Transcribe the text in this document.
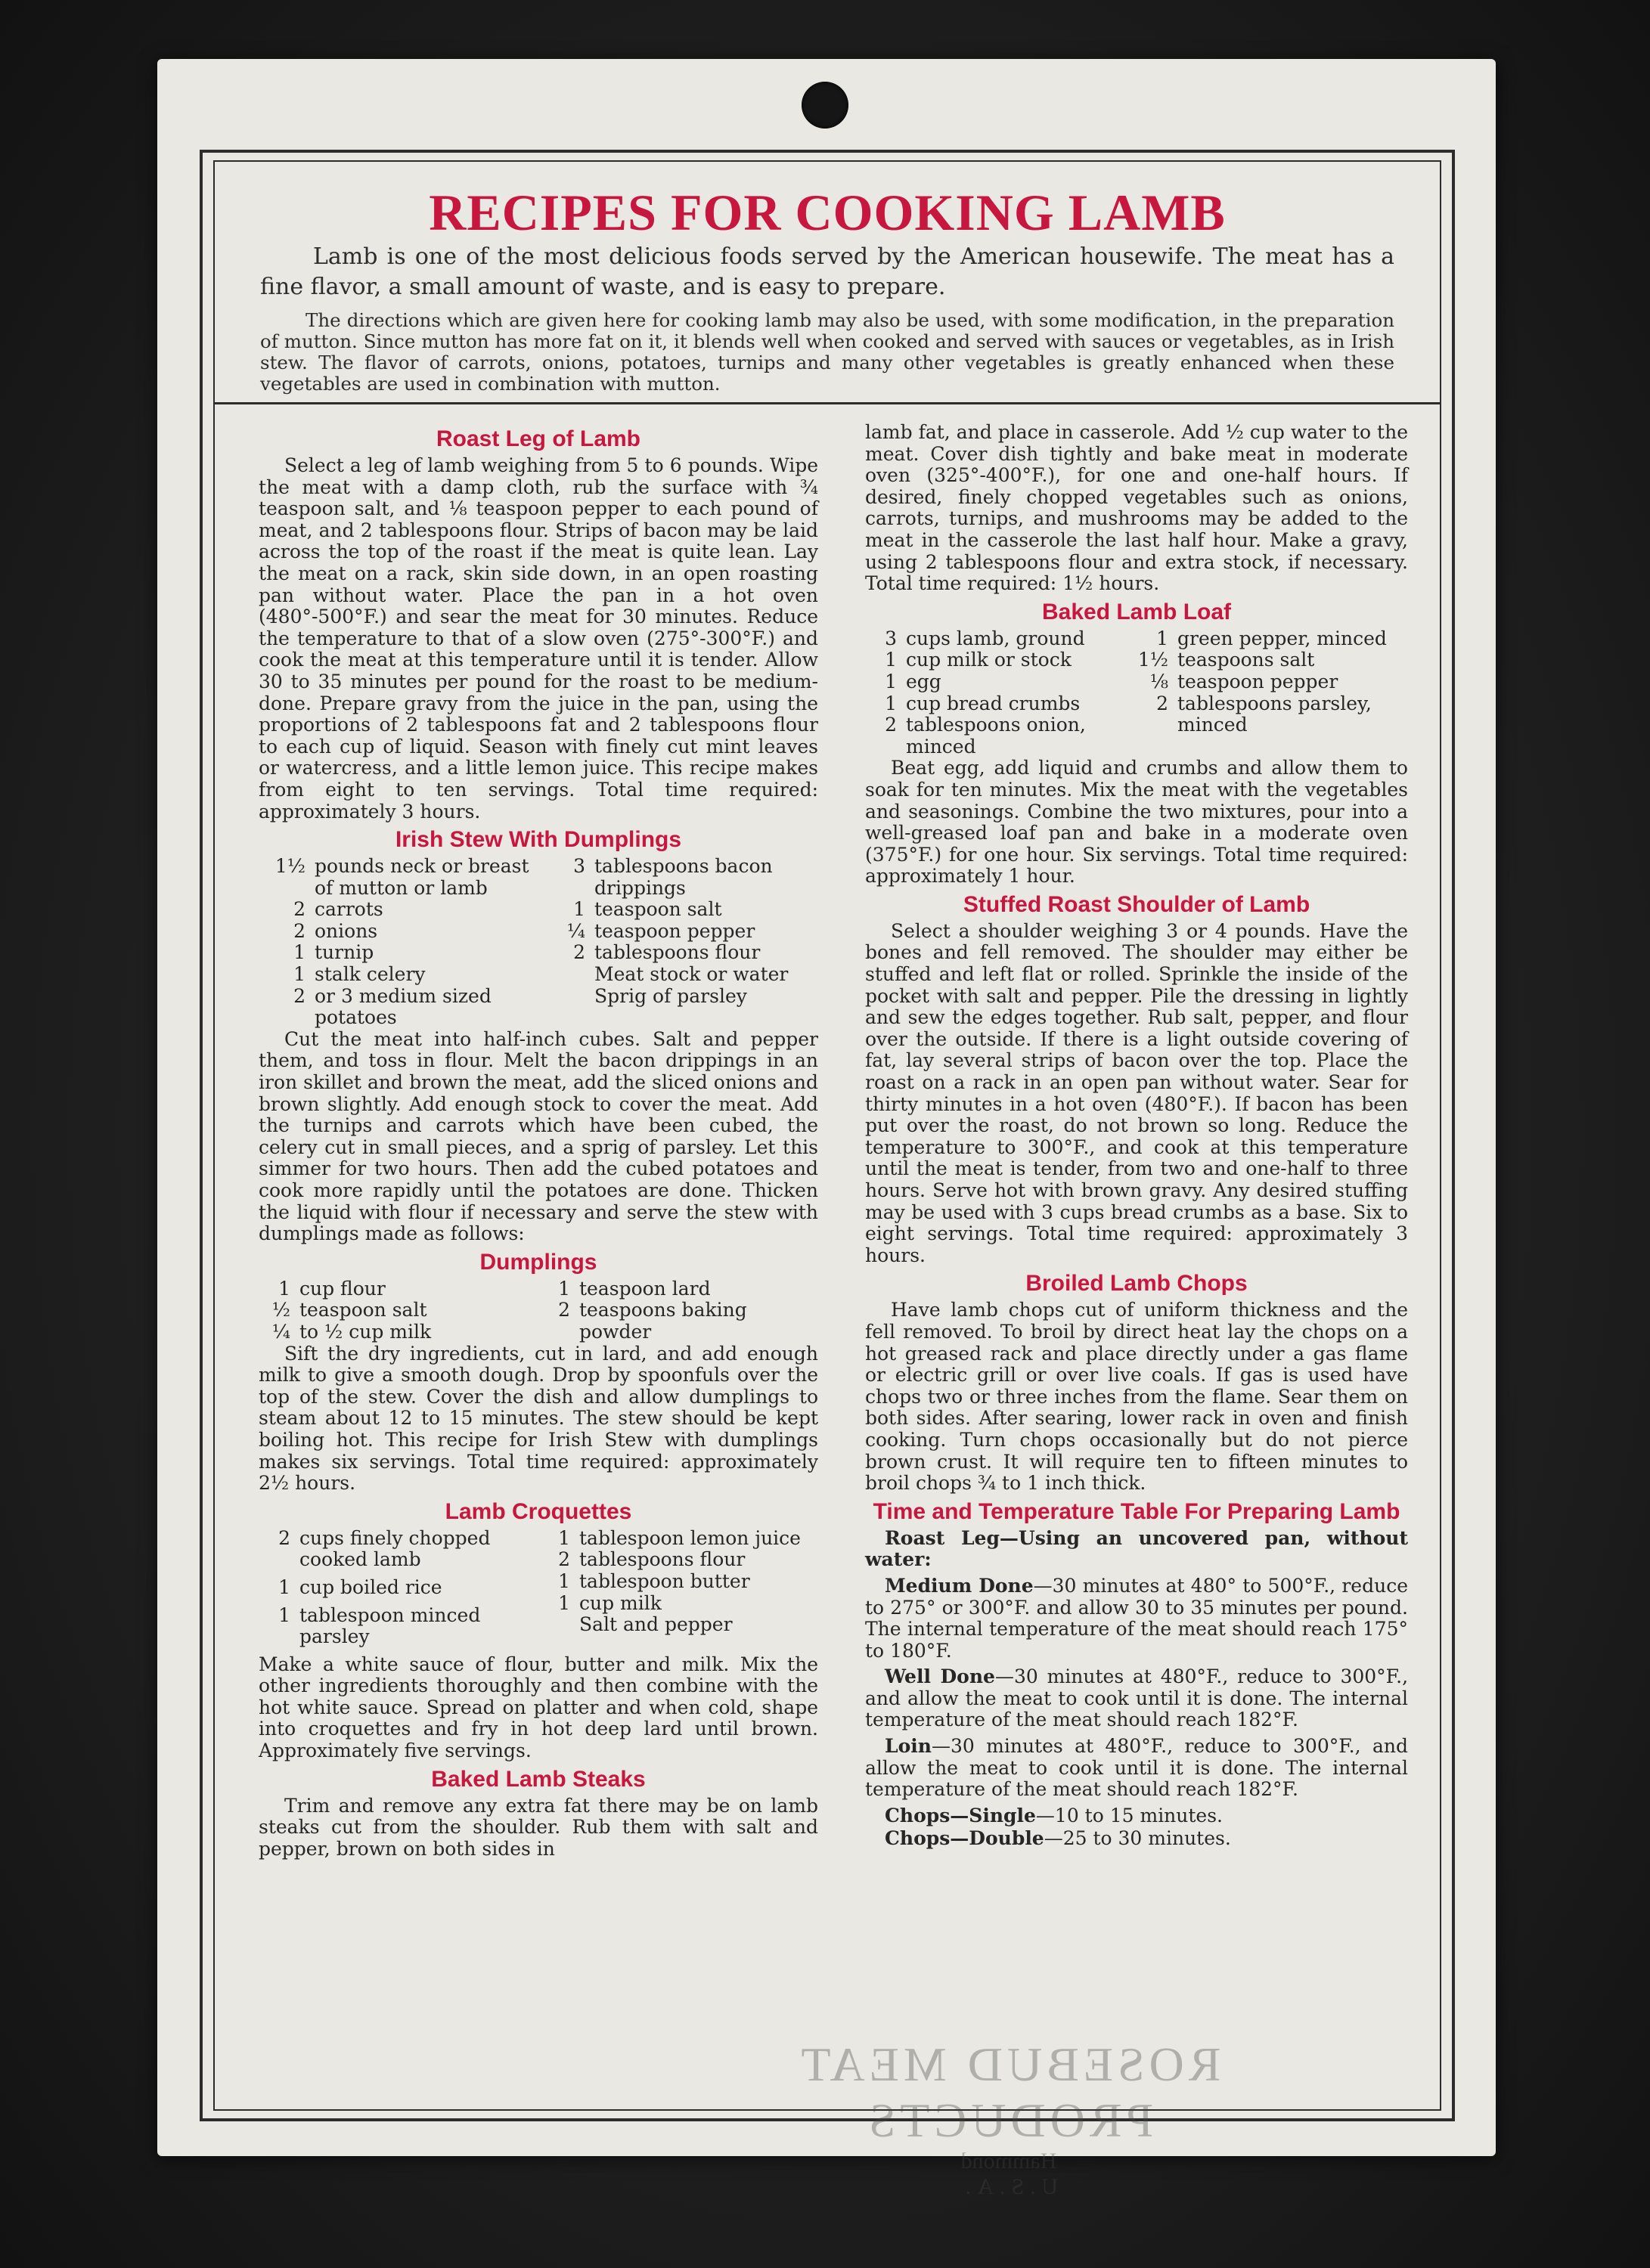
RECIPES FOR COOKING LAMB

Lamb is one of the most delicious foods served by the American housewife. The meat has a fine flavor, a small amount of waste, and is easy to prepare.

The directions which are given here for cooking lamb may also be used, with some modification, in the preparation of mutton. Since mutton has more fat on it, it blends well when cooked and served with sauces or vegetables, as in Irish stew. The flavor of carrots, onions, potatoes, turnips and many other vegetables is greatly enhanced when these vegetables are used in combination with mutton.

Roast Leg of Lamb

Select a leg of lamb weighing from 5 to 6 pounds. Wipe the meat with a damp cloth, rub the surface with ¾ teaspoon salt, and ⅛ teaspoon pepper to each pound of meat, and 2 tablespoons flour. Strips of bacon may be laid across the top of the roast if the meat is quite lean. Lay the meat on a rack, skin side down, in an open roasting pan without water. Place the pan in a hot oven (480°-500°F.) and sear the meat for 30 minutes. Reduce the temperature to that of a slow oven (275°-300°F.) and cook the meat at this temperature until it is tender. Allow 30 to 35 minutes per pound for the roast to be medium-done. Prepare gravy from the juice in the pan, using the proportions of 2 tablespoons fat and 2 tablespoons flour to each cup of liquid. Season with finely cut mint leaves or watercress, and a little lemon juice. This recipe makes from eight to ten servings. Total time required: approximately 3 hours.

Irish Stew With Dumplings
1½ pounds neck or breast of mutton or lamb
2 carrots
2 onions
1 turnip
1 stalk celery
2 or 3 medium sized potatoes
3 tablespoons bacon drippings
1 teaspoon salt
¼ teaspoon pepper
2 tablespoons flour
Meat stock or water
Sprig of parsley

Cut the meat into half-inch cubes. Salt and pepper them, and toss in flour. Melt the bacon drippings in an iron skillet and brown the meat, add the sliced onions and brown slightly. Add enough stock to cover the meat. Add the turnips and carrots which have been cubed, the celery cut in small pieces, and a sprig of parsley. Let this simmer for two hours. Then add the cubed potatoes and cook more rapidly until the potatoes are done. Thicken the liquid with flour if necessary and serve the stew with dumplings made as follows:

Dumplings
1 cup flour
½ teaspoon salt
¼ to ½ cup milk
1 teaspoon lard
2 teaspoons baking powder

Sift the dry ingredients, cut in lard, and add enough milk to give a smooth dough. Drop by spoonfuls over the top of the stew. Cover the dish and allow dumplings to steam about 12 to 15 minutes. The stew should be kept boiling hot. This recipe for Irish Stew with dumplings makes six servings. Total time required: approximately 2½ hours.

Lamb Croquettes
2 cups finely chopped cooked lamb
1 cup boiled rice
1 tablespoon minced parsley
1 tablespoon lemon juice
2 tablespoons flour
1 tablespoon butter
1 cup milk
Salt and pepper

Make a white sauce of flour, butter and milk. Mix the other ingredients thoroughly and then combine with the hot white sauce. Spread on platter and when cold, shape into croquettes and fry in hot deep lard until brown. Approximately five servings.

Baked Lamb Steaks

Trim and remove any extra fat there may be on lamb steaks cut from the shoulder. Rub them with salt and pepper, brown on both sides in

lamb fat, and place in casserole. Add ½ cup water to the meat. Cover dish tightly and bake meat in moderate oven (325°-400°F.), for one and one-half hours. If desired, finely chopped vegetables such as onions, carrots, turnips, and mushrooms may be added to the meat in the casserole the last half hour. Make a gravy, using 2 tablespoons flour and extra stock, if necessary. Total time required: 1½ hours.

Baked Lamb Loaf
3 cups lamb, ground
1 cup milk or stock
1 egg
1 cup bread crumbs
2 tablespoons onion, minced
1 green pepper, minced
1½ teaspoons salt
⅛ teaspoon pepper
2 tablespoons parsley, minced

Beat egg, add liquid and crumbs and allow them to soak for ten minutes. Mix the meat with the vegetables and seasonings. Combine the two mixtures, pour into a well-greased loaf pan and bake in a moderate oven (375°F.) for one hour. Six servings. Total time required: approximately 1 hour.

Stuffed Roast Shoulder of Lamb

Select a shoulder weighing 3 or 4 pounds. Have the bones and fell removed. The shoulder may either be stuffed and left flat or rolled. Sprinkle the inside of the pocket with salt and pepper. Pile the dressing in lightly and sew the edges together. Rub salt, pepper, and flour over the outside. If there is a light outside covering of fat, lay several strips of bacon over the top. Place the roast on a rack in an open pan without water. Sear for thirty minutes in a hot oven (480°F.). If bacon has been put over the roast, do not brown so long. Reduce the temperature to 300°F., and cook at this temperature until the meat is tender, from two and one-half to three hours. Serve hot with brown gravy. Any desired stuffing may be used with 3 cups bread crumbs as a base. Six to eight servings. Total time required: approximately 3 hours.

Broiled Lamb Chops

Have lamb chops cut of uniform thickness and the fell removed. To broil by direct heat lay the chops on a hot greased rack and place directly under a gas flame or electric grill or over live coals. If gas is used have chops two or three inches from the flame. Sear them on both sides. After searing, lower rack in oven and finish cooking. Turn chops occasionally but do not pierce brown crust. It will require ten to fifteen minutes to broil chops ¾ to 1 inch thick.

Time and Temperature Table For Preparing Lamb

Roast Leg—Using an uncovered pan, without water:

Medium Done—30 minutes at 480° to 500°F., reduce to 275° or 300°F. and allow 30 to 35 minutes per pound. The internal temperature of the meat should reach 175° to 180°F.

Well Done—30 minutes at 480°F., reduce to 300°F., and allow the meat to cook until it is done. The internal temperature of the meat should reach 182°F.

Loin—30 minutes at 480°F., reduce to 300°F., and allow the meat to cook until it is done. The internal temperature of the meat should reach 182°F.

Chops—Single—10 to 15 minutes.

Chops—Double—25 to 30 minutes.

ROSEBUD MEAT PRODUCTS
Hammond
U.S.A.
